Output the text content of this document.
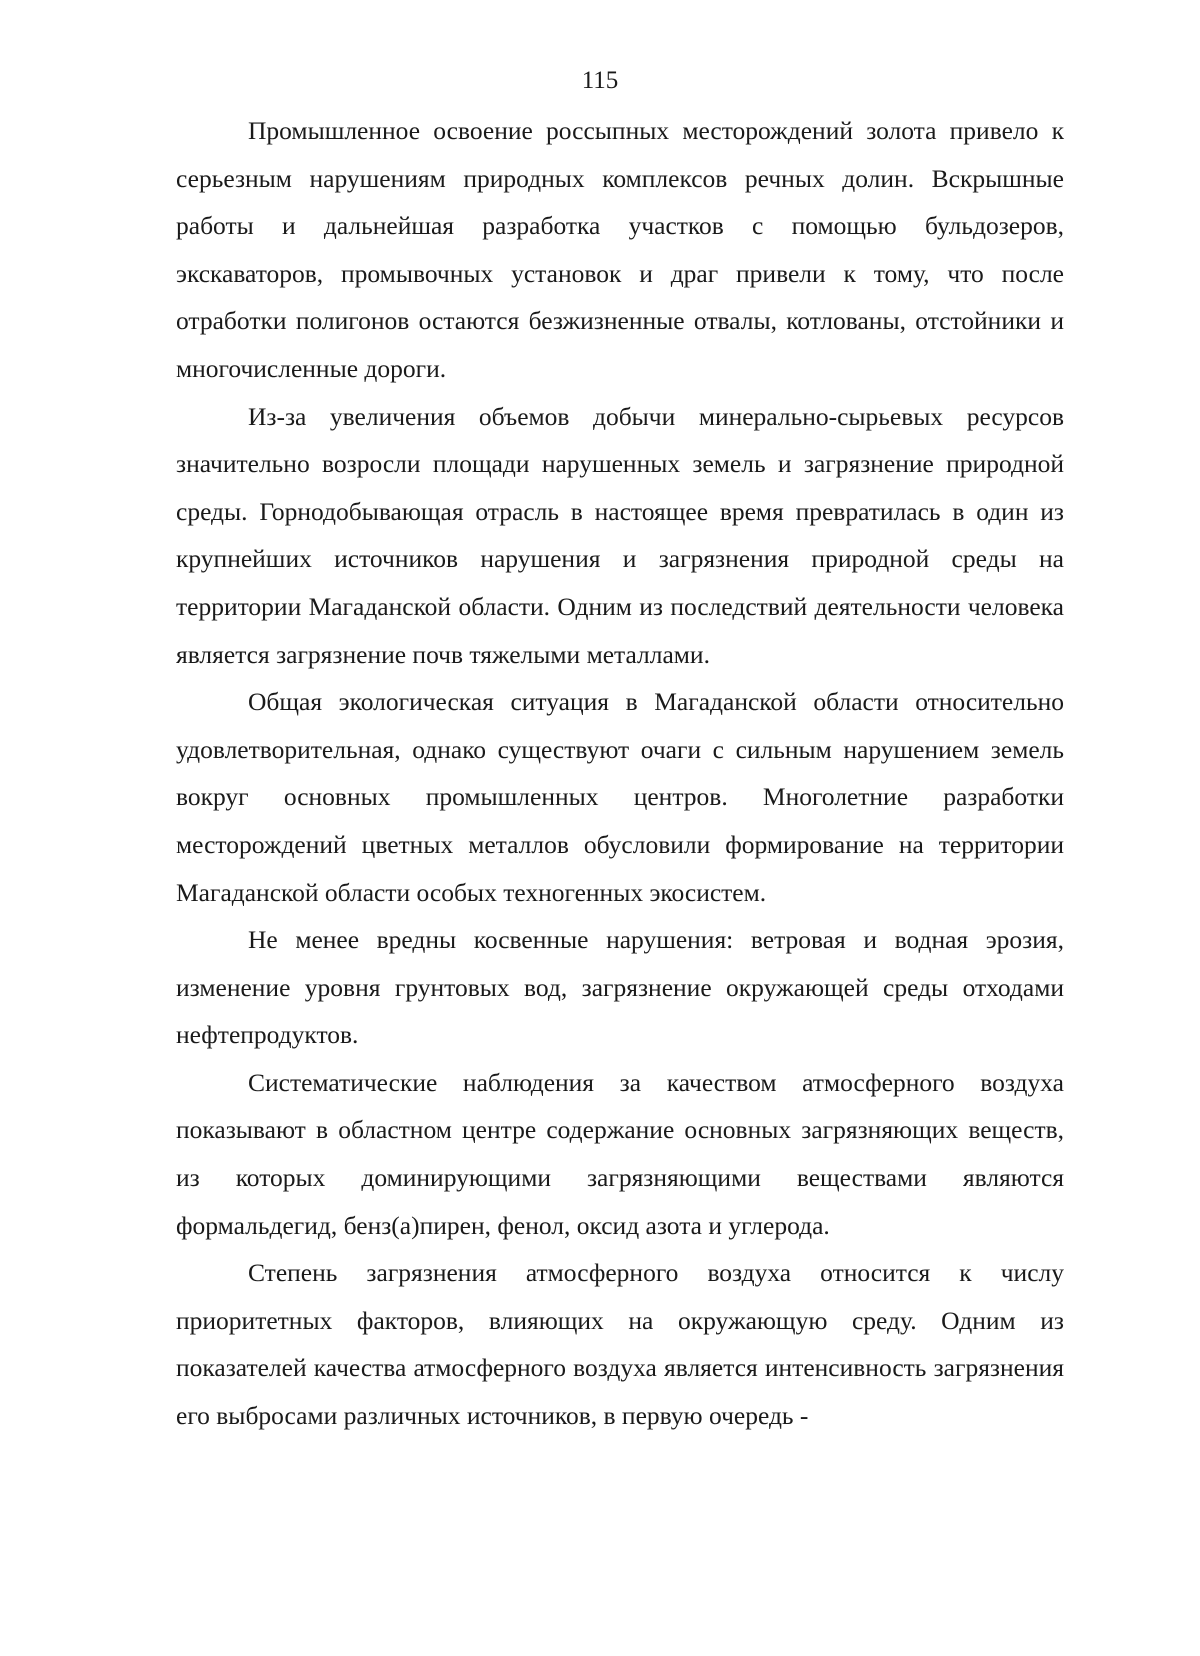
115

Промышленное освоение россыпных месторождений золота привело к серьезным нарушениям природных комплексов речных долин. Вскрышные работы и дальнейшая разработка участков с помощью бульдозеров, экскаваторов, промывочных установок и драг привели к тому, что после отработки полигонов остаются безжизненные отвалы, котлованы, отстойники и многочисленные дороги.

Из-за увеличения объемов добычи минерально-сырьевых ресурсов значительно возросли площади нарушенных земель и загрязнение природной среды. Горнодобывающая отрасль в настоящее время превратилась в один из крупнейших источников нарушения и загрязнения природной среды на территории Магаданской области. Одним из последствий деятельности человека является загрязнение почв тяжелыми металлами.

Общая экологическая ситуация в Магаданской области относительно удовлетворительная, однако существуют очаги с сильным нарушением земель вокруг основных промышленных центров. Многолетние разработки месторождений цветных металлов обусловили формирование на территории Магаданской области особых техногенных экосистем.

Не менее вредны косвенные нарушения: ветровая и водная эрозия, изменение уровня грунтовых вод, загрязнение окружающей среды отходами нефтепродуктов.

Систематические наблюдения за качеством атмосферного воздуха показывают в областном центре содержание основных загрязняющих веществ, из которых доминирующими загрязняющими веществами являются формальдегид, бенз(а)пирен, фенол, оксид азота и углерода.

Степень загрязнения атмосферного воздуха относится к числу приоритетных факторов, влияющих на окружающую среду. Одним из показателей качества атмосферного воздуха является интенсивность загрязнения его выбросами различных источников, в первую очередь -
